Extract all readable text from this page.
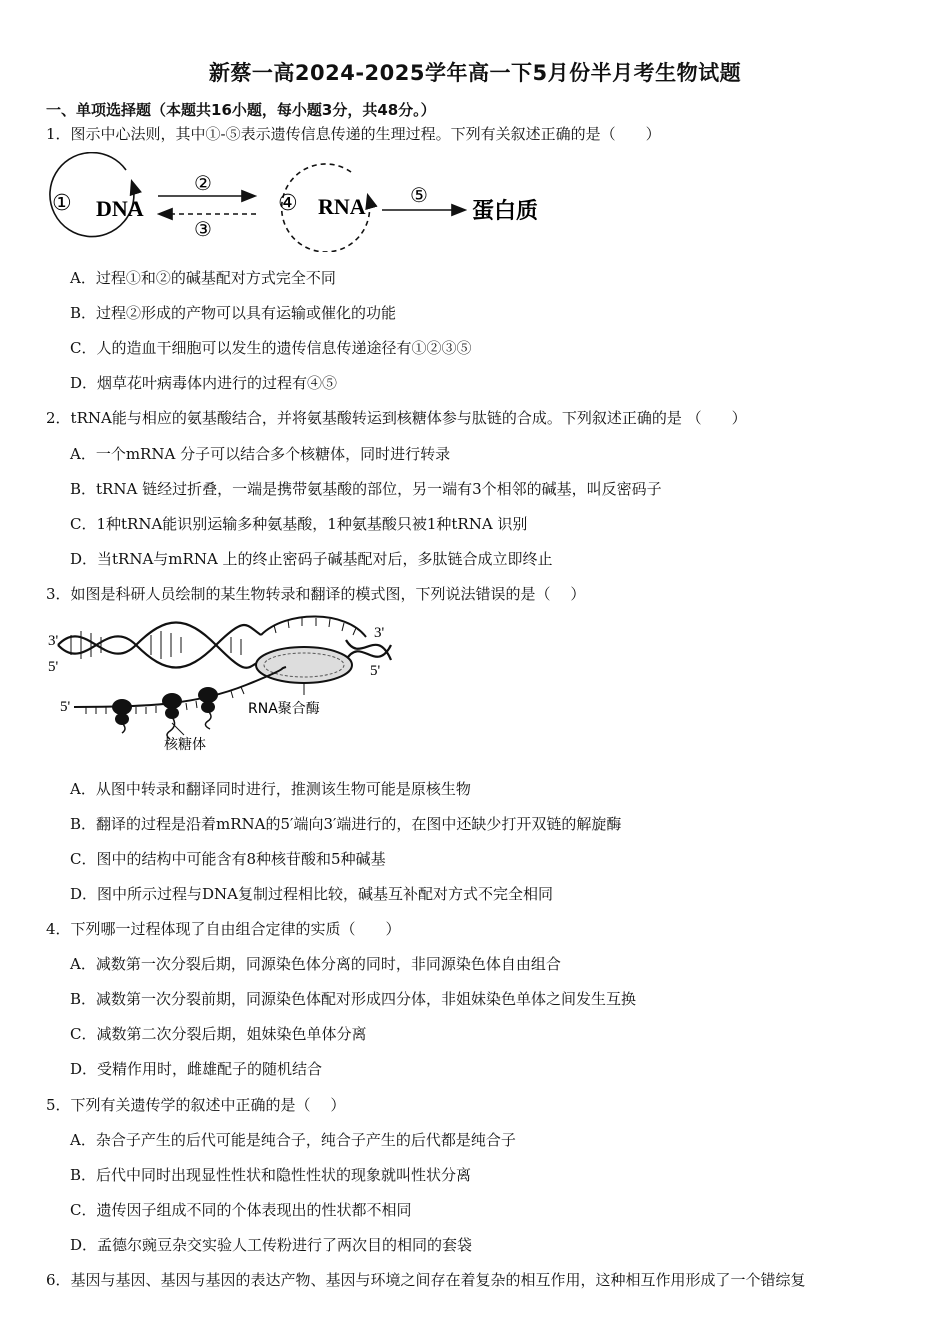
新蔡一高2024-2025学年高一下5月份半月考生物试题
一、单项选择题（本题共16小题，每小题3分，共48分。）
1．图示中心法则，其中①-⑤表示遗传信息传递的生理过程。下列有关叙述正确的是（　　）
① DNA
②
③
④ RNA ⑤
蛋白质
A．过程①和②的碱基配对方式完全不同
B．过程②形成的产物可以具有运输或催化的功能
C．人的造血干细胞可以发生的遗传信息传递途径有①②③⑤
D．烟草花叶病毒体内进行的过程有④⑤
2．tRNA能与相应的氨基酸结合，并将氨基酸转运到核糖体参与肽链的合成。下列叙述正确的是 （　　）
A．一个mRNA 分子可以结合多个核糖体，同时进行转录
B．tRNA 链经过折叠，一端是携带氨基酸的部位，另一端有3个相邻的碱基，叫反密码子
C．1种tRNA能识别运输多种氨基酸，1种氨基酸只被1种tRNA 识别
D．当tRNA与mRNA 上的终止密码子碱基配对后，多肽链合成立即终止
3．如图是科研人员绘制的某生物转录和翻译的模式图，下列说法错误的是（　 ）
3'
5'
3'
5'
5'	RNA聚合酶
核糖体
A．从图中转录和翻译同时进行，推测该生物可能是原核生物
B．翻译的过程是沿着mRNA的5′端向3′端进行的，在图中还缺少打开双链的解旋酶
C．图中的结构中可能含有8种核苷酸和5种碱基
D．图中所示过程与DNA复制过程相比较，碱基互补配对方式不完全相同
4．下列哪一过程体现了自由组合定律的实质（　　）
A．减数第一次分裂后期，同源染色体分离的同时，非同源染色体自由组合
B．减数第一次分裂前期，同源染色体配对形成四分体，非姐妹染色单体之间发生互换
C．减数第二次分裂后期，姐妹染色单体分离
D．受精作用时，雌雄配子的随机结合
5．下列有关遗传学的叙述中正确的是（　 ）
A．杂合子产生的后代可能是纯合子，纯合子产生的后代都是纯合子
B．后代中同时出现显性性状和隐性性状的现象就叫性状分离
C．遗传因子组成不同的个体表现出的性状都不相同
D．孟德尔豌豆杂交实验人工传粉进行了两次目的相同的套袋
6．基因与基因、基因与基因的表达产物、基因与环境之间存在着复杂的相互作用，这种相互作用形成了一个错综复
